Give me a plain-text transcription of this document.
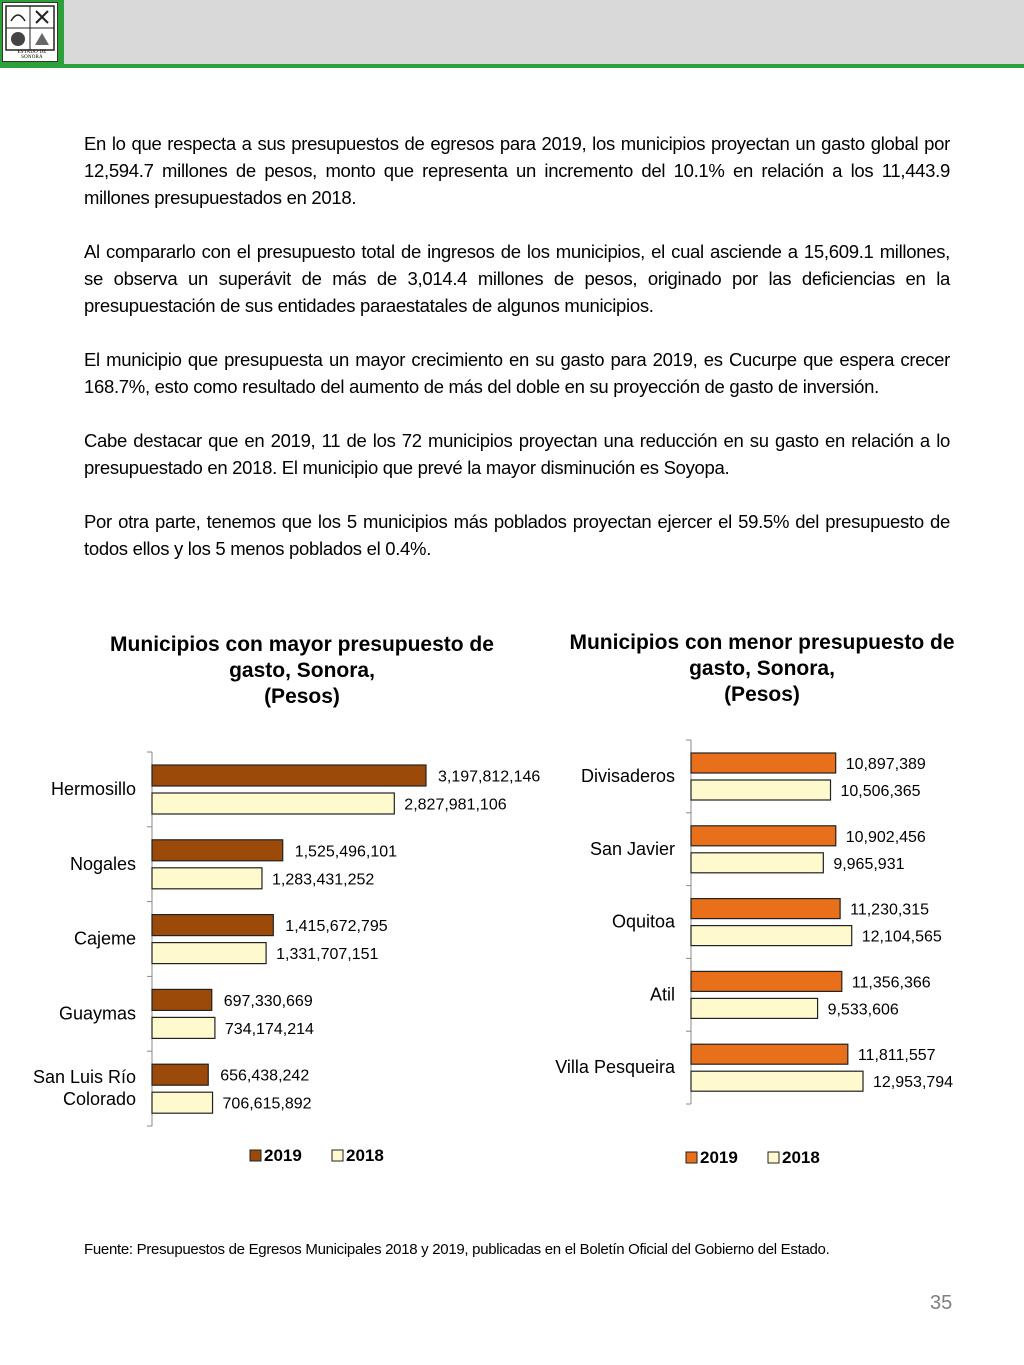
ESTADO DE SONORA

En lo que respecta a sus presupuestos de egresos para 2019, los municipios proyectan un gasto global por 12,594.7 millones de pesos, monto que representa un incremento del 10.1% en relación a los 11,443.9 millones presupuestados en 2018.

Al compararlo con el presupuesto total de ingresos de los municipios, el cual asciende a 15,609.1 millones, se observa un superávit de más de 3,014.4 millones de pesos, originado por las deficiencias en la presupuestación de sus entidades paraestatales de algunos municipios.

El municipio que presupuesta un mayor crecimiento en su gasto para 2019, es Cucurpe que espera crecer 168.7%, esto como resultado del aumento de más del doble en su proyección de gasto de inversión.

Cabe destacar que en 2019, 11 de los 72 municipios proyectan una reducción en su gasto en relación a lo presupuestado en 2018. El municipio que prevé la mayor disminución es Soyopa.

Por otra parte, tenemos que los 5 municipios más poblados proyectan ejercer el 59.5% del presupuesto de todos ellos y los 5 menos poblados el 0.4%.

Municipios con mayor presupuesto de
gasto, Sonora,
(Pesos)
Municipios con menor presupuesto de
gasto, Sonora,
(Pesos)
3,197,812,146
2,827,981,106
Hermosillo
1,525,496,101
1,283,431,252
Nogales
1,415,672,795
1,331,707,151
Cajeme
697,330,669
734,174,214
Guaymas
656,438,242
706,615,892
San Luis Río
Colorado
2019	2018
10,897,389
10,506,365
Divisaderos
10,902,456
9,965,931
San Javier
11,230,315
12,104,565
Oquitoa
11,356,366
9,533,606
Atil
11,811,557
12,953,794
Villa Pesqueira
2019	2018
Fuente: Presupuestos de Egresos Municipales 2018 y 2019, publicadas en el Boletín Oficial del Gobierno del Estado.
35
